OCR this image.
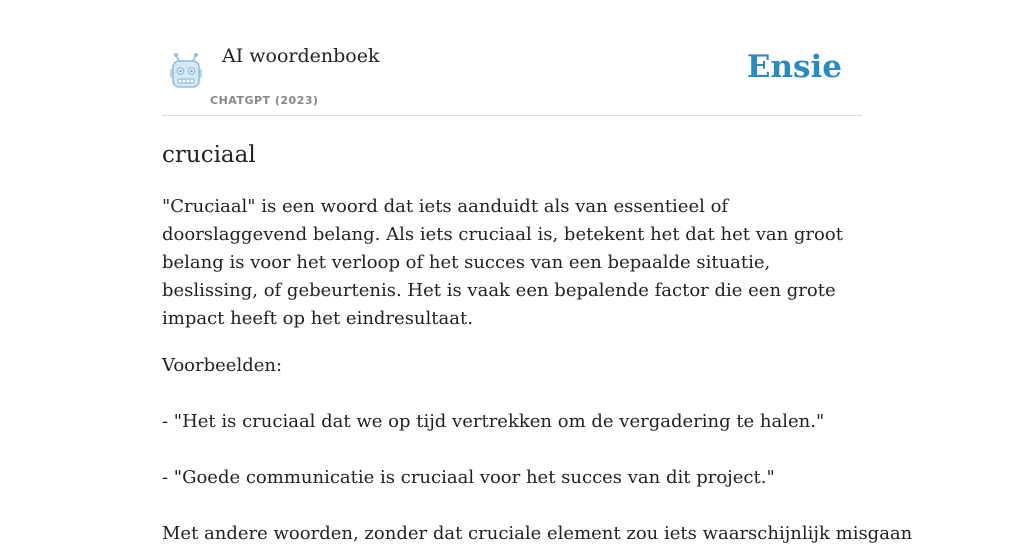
AI woordenboek
CHATGPT (2023)
Ensie
cruciaal

"Cruciaal" is een woord dat iets aanduidt als van essentieel of doorslaggevend belang. Als iets cruciaal is, betekent het dat het van groot belang is voor het verloop of het succes van een bepaalde situatie, beslissing, of gebeurtenis. Het is vaak een bepalende factor die een grote impact heeft op het eindresultaat.

Voorbeelden:

- "Het is cruciaal dat we op tijd vertrekken om de vergadering te halen."

- "Goede communicatie is cruciaal voor het succes van dit project."

Met andere woorden, zonder dat cruciale element zou iets waarschijnlijk misgaan
